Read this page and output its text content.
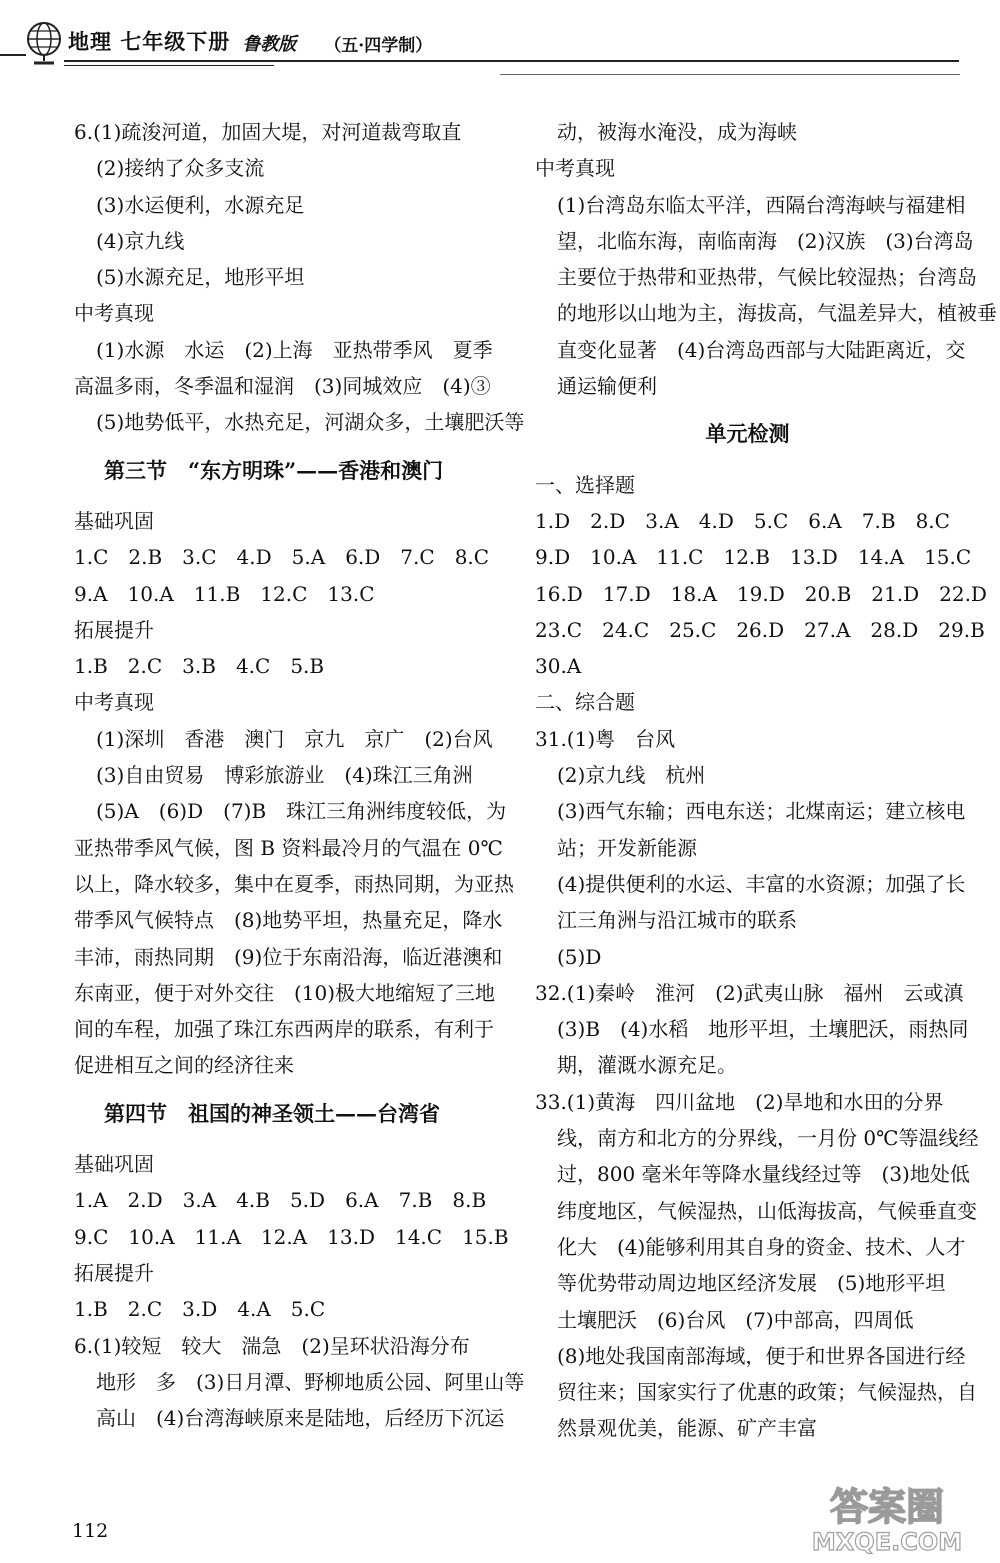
地理 七年级下册 鲁教版 （五·四学制）
6.(1)疏浚河道，加固大堤，对河道裁弯取直
(2)接纳了众多支流
(3)水运便利，水源充足
(4)京九线
(5)水源充足，地形平坦
中考真现
(1)水源　水运　(2)上海　亚热带季风　夏季
高温多雨，冬季温和湿润　(3)同城效应　(4)③
(5)地势低平，水热充足，河湖众多，土壤肥沃等
第三节　“东方明珠”——香港和澳门
基础巩固
1.C　2.B　3.C　4.D　5.A　6.D　7.C　8.C
9.A　10.A　11.B　12.C　13.C
拓展提升
1.B　2.C　3.B　4.C　5.B
中考真现
(1)深圳　香港　澳门　京九　京广　(2)台风
(3)自由贸易　博彩旅游业　(4)珠江三角洲
(5)A　(6)D　(7)B　珠江三角洲纬度较低，为
亚热带季风气候，图 B 资料最冷月的气温在 0℃
以上，降水较多，集中在夏季，雨热同期，为亚热
带季风气候特点　(8)地势平坦，热量充足，降水
丰沛，雨热同期　(9)位于东南沿海，临近港澳和
东南亚，便于对外交往　(10)极大地缩短了三地
间的车程，加强了珠江东西两岸的联系，有利于
促进相互之间的经济往来
第四节　祖国的神圣领土——台湾省
基础巩固
1.A　2.D　3.A　4.B　5.D　6.A　7.B　8.B
9.C　10.A　11.A　12.A　13.D　14.C　15.B
拓展提升
1.B　2.C　3.D　4.A　5.C
6.(1)较短　较大　湍急　(2)呈环状沿海分布
地形　多　(3)日月潭、野柳地质公园、阿里山等
高山　(4)台湾海峡原来是陆地，后经历下沉运
动，被海水淹没，成为海峡
中考真现
(1)台湾岛东临太平洋，西隔台湾海峡与福建相
望，北临东海，南临南海　(2)汉族　(3)台湾岛
主要位于热带和亚热带，气候比较湿热；台湾岛
的地形以山地为主，海拔高，气温差异大，植被垂
直变化显著　(4)台湾岛西部与大陆距离近，交
通运输便利
单元检测
一、选择题
1.D　2.D　3.A　4.D　5.C　6.A　7.B　8.C
9.D　10.A　11.C　12.B　13.D　14.A　15.C
16.D　17.D　18.A　19.D　20.B　21.D　22.D
23.C　24.C　25.C　26.D　27.A　28.D　29.B
30.A
二、综合题
31.(1)粤　台风
(2)京九线　杭州
(3)西气东输；西电东送；北煤南运；建立核电
站；开发新能源
(4)提供便利的水运、丰富的水资源；加强了长
江三角洲与沿江城市的联系
(5)D
32.(1)秦岭　淮河　(2)武夷山脉　福州　云或滇
(3)B　(4)水稻　地形平坦，土壤肥沃，雨热同
期，灌溉水源充足。
33.(1)黄海　四川盆地　(2)旱地和水田的分界
线，南方和北方的分界线，一月份 0℃等温线经
过，800 毫米年等降水量线经过等　(3)地处低
纬度地区，气候湿热，山低海拔高，气候垂直变
化大　(4)能够利用其自身的资金、技术、人才
等优势带动周边地区经济发展　(5)地形平坦
土壤肥沃　(6)台风　(7)中部高，四周低
(8)地处我国南部海域，便于和世界各国进行经
贸往来；国家实行了优惠的政策；气候湿热，自
然景观优美，能源、矿产丰富
112
答案圈
MXQE.COM
